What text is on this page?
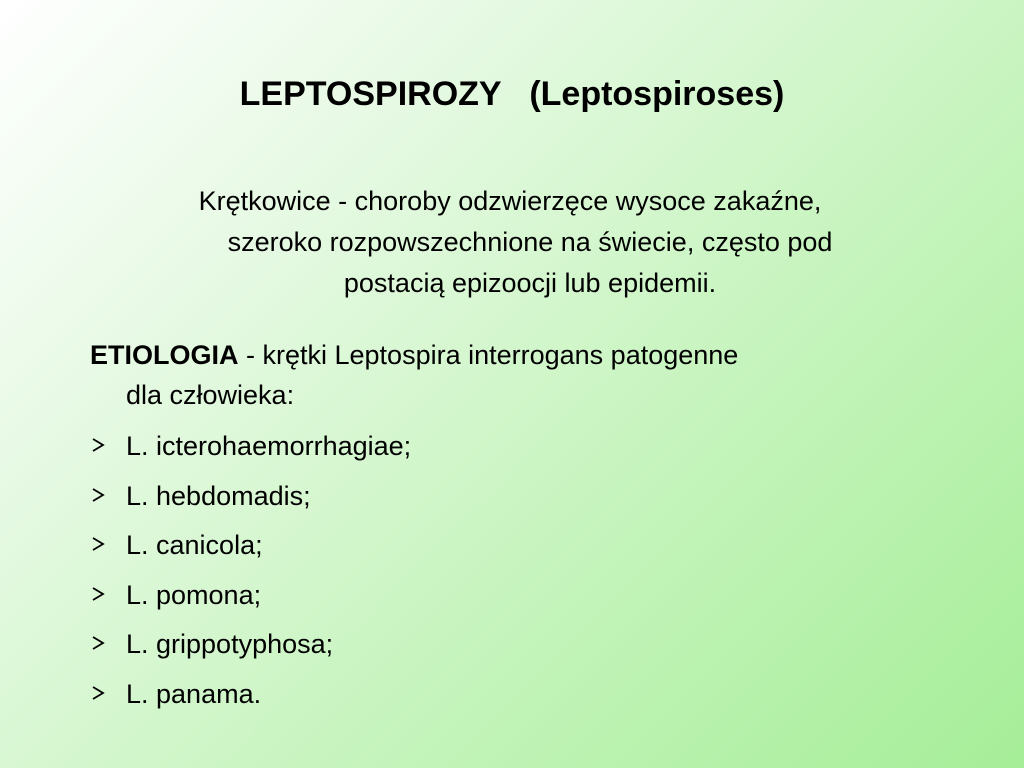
LEPTOSPIROZY   (Leptospiroses)
Krętkowice - choroby odzwierzęce wysoce zakaźne,
szeroko rozpowszechnione na świecie, często pod
postacią epizoocji lub epidemii.
ETIOLOGIA - krętki Leptospira interrogans patogenne
dla człowieka:
L. icterohaemorrhagiae;
L. hebdomadis;
L. canicola;
L. pomona;
L. grippotyphosa;
L. panama.
